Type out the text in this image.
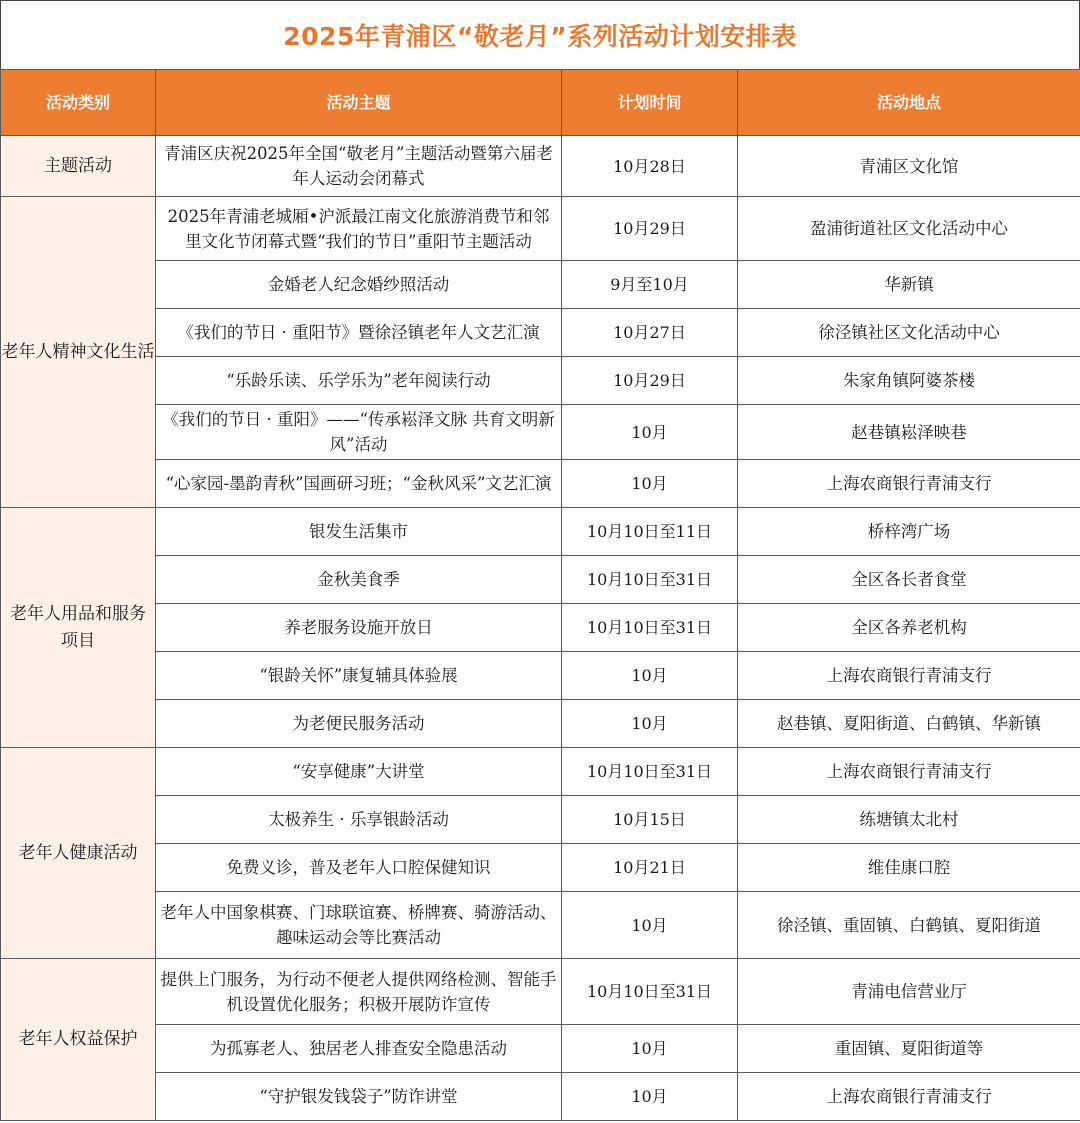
2025年青浦区“敬老月”系列活动计划安排表
活动类别	活动主题	计划时间	活动地点
主题活动	青浦区庆祝2025年全国“敬老月”主题活动暨第六届老年人运动会闭幕式	10月28日	青浦区文化馆
老年人精神文化生活	2025年青浦老城厢•沪派最江南文化旅游消费节和邻里文化节闭幕式暨“我们的节日”重阳节主题活动	10月29日	盈浦街道社区文化活动中心
	金婚老人纪念婚纱照活动	9月至10月	华新镇
	《我们的节日 · 重阳节》暨徐泾镇老年人文艺汇演	10月27日	徐泾镇社区文化活动中心
	“乐龄乐读、乐学乐为”老年阅读行动	10月29日	朱家角镇阿婆茶楼
	《我们的节日 · 重阳》——“传承崧泽文脉 共育文明新风”活动	10月	赵巷镇崧泽映巷

	“心家园-墨韵青秋”国画研习班；“金秋风采”文艺汇演	10月	上海农商银行青浦支行
老年人用品和服务项目	银发生活集市	10月10日至11日	桥梓湾广场
	金秋美食季	10月10日至31日	全区各长者食堂
	养老服务设施开放日	10月10日至31日	全区各养老机构
	“银龄关怀”康复辅具体验展	10月	上海农商银行青浦支行
	为老便民服务活动	10月	赵巷镇、夏阳街道、白鹤镇、华新镇
老年人健康活动	“安享健康”大讲堂	10月10日至31日	上海农商银行青浦支行
	太极养生 · 乐享银龄活动	10月15日	练塘镇太北村
	免费义诊，普及老年人口腔保健知识	10月21日	维佳康口腔
	老年人中国象棋赛、门球联谊赛、桥牌赛、骑游活动、趣味运动会等比赛活动	10月	徐泾镇、重固镇、白鹤镇、夏阳街道
老年人权益保护	提供上门服务，为行动不便老人提供网络检测、智能手机设置优化服务；积极开展防诈宣传	10月10日至31日	青浦电信营业厅
	为孤寡老人、独居老人排查安全隐患活动	10月	重固镇、夏阳街道等
	“守护银发钱袋子”防诈讲堂	10月	上海农商银行青浦支行
